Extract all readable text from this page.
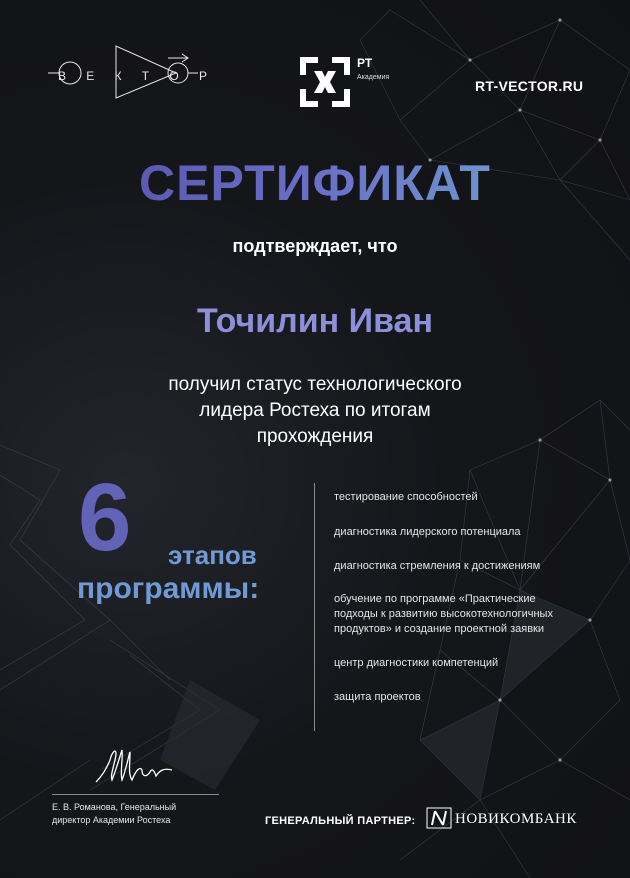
В Е К Т О Р
РТ
Академия
RT-VECTOR.RU
СЕРТИФИКАТ
подтверждает, что
Точилин Иван
получил статус технологического
лидера Ростеха по итогам
прохождения
6 этапов
программы:
тестирование способностей
диагностика лидерского потенциала
диагностика стремления к достижениям
обучение по программе «Практические
подходы к развитию высокотехнологичных
продуктов» и создание проектной заявки
центр диагностики компетенций
защита проектов
Е. В. Романова, Генеральный
директор Академии Ростеха	ГЕНЕРАЛЬНЫЙ ПАРТНЕР:	НОВИКОМБАНК
